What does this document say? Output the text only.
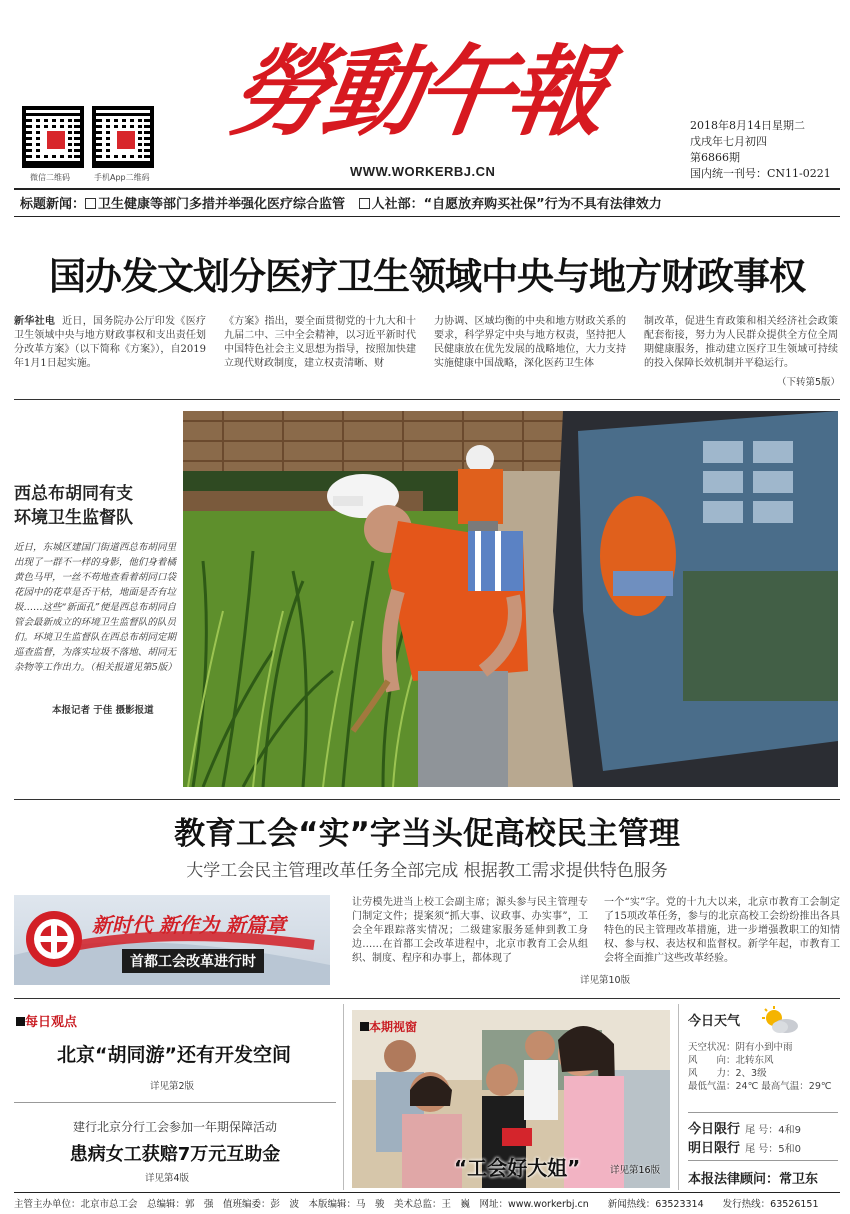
微信二维码	手机App二维码
勞動午報
WWW.WORKERBJ.CN
2018年8月14日星期二
戊戌年七月初四
第6866期
国内统一刊号：CN11-0221
标题新闻： 卫生健康等部门多措并举强化医疗综合监管 人社部：“自愿放弃购买社保”行为不具有法律效力
国办发文划分医疗卫生领域中央与地方财政事权
新华社电 近日，国务院办公厅印发《医疗卫生领域中央与地方财政事权和支出责任划分改革方案》（以下简称《方案》），自2019年1月1日起实施。
《方案》指出，要全面贯彻党的十九大和十九届二中、三中全会精神，以习近平新时代中国特色社会主义思想为指导，按照加快建立现代财政制度，建立权责清晰、财
力协调、区域均衡的中央和地方财政关系的要求，科学界定中央与地方权责，坚持把人民健康放在优先发展的战略地位，大力支持实施健康中国战略，深化医药卫生体
制改革，促进生育政策和相关经济社会政策配套衔接，努力为人民群众提供全方位全周期健康服务，推动建立医疗卫生领域可持续的投入保障长效机制并平稳运行。
（下转第5版）
西总布胡同有支
环境卫生监督队
近日，东城区建国门街道西总布胡同里出现了一群不一样的身影，他们身着橘黄色马甲，一丝不苟地查看着胡同口袋花园中的花草是否干枯，地面是否有垃圾……这些“新面孔”便是西总布胡同自管会最新成立的环境卫生监督队的队员们。环境卫生监督队在西总布胡同定期巡查监督，为落实垃圾不落地、胡同无杂物等工作出力。（相关报道见第5版）
本报记者 于佳 摄影报道
教育工会“实”字当头促高校民主管理
大学工会民主管理改革任务全部完成 根据教工需求提供特色服务
新时代 新作为 新篇章
首都工会改革进行时
让劳模先进当上校工会副主席；源头参与民主管理专门制定文件；提案须“抓大事、议政事、办实事”，工会全年跟踪落实情况；二级建家服务延伸到教工身边……在首都工会改革进程中，北京市教育工会从组织、制度、程序和办事上，都体现了
一个“实”字。党的十九大以来，北京市教育工会制定了15项改革任务，参与的北京高校工会纷纷推出各具特色的民主管理改革措施，进一步增强教职工的知情权、参与权、表达权和监督权。新学年起，市教育工会将全面推广这些改革经验。
详见第10版
每日观点
北京“胡同游”还有开发空间
详见第2版
建行北京分行工会参加一年期保障活动
患病女工获赔7万元互助金
详见第4版
本期视窗
“工会好大姐”	详见第16版
今日天气
天空状况：阴有小到中雨
风　　向：北转东风
风　　力：2、3级
最低气温：24℃ 最高气温：29℃
今日限行 尾 号：4和9
明日限行 尾 号：5和0
本报法律顾问：常卫东
主管主办单位：北京市总工会　总编辑：郭　强　值班编委：彭　波　本版编辑：马　骏　美术总监：王　巍　网址：www.workerbj.cn　　新闻热线：63523314　　发行热线：63526151
